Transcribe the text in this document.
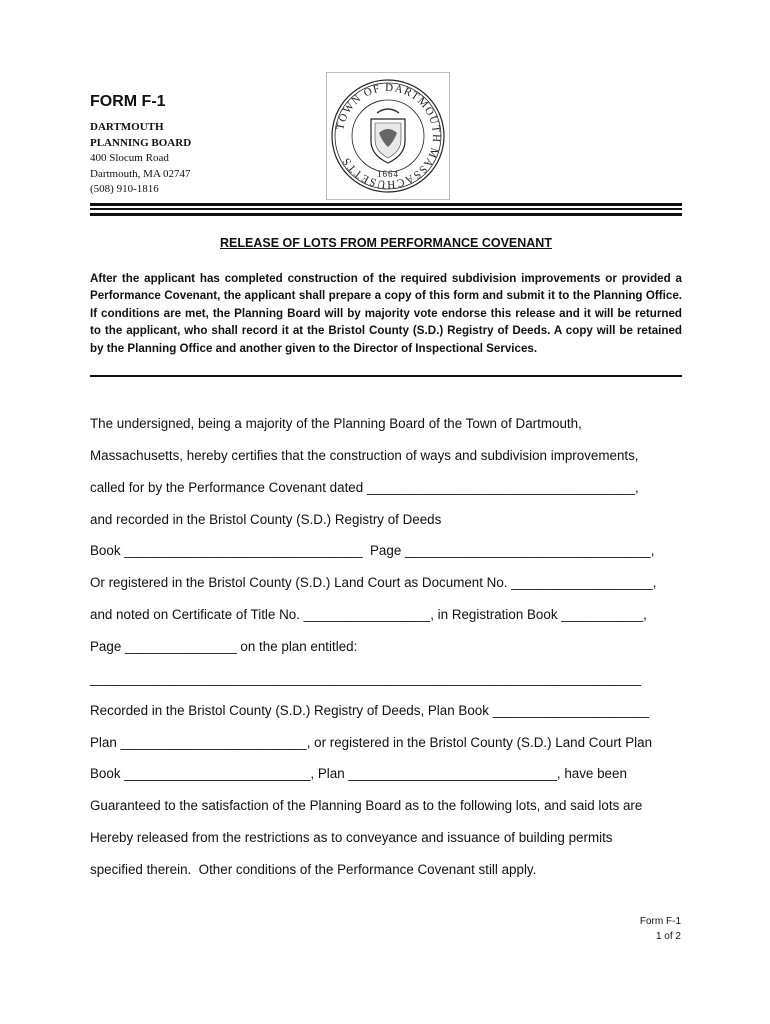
FORM F-1
DARTMOUTH
PLANNING BOARD
400 Slocum Road
Dartmouth, MA 02747
(508) 910-1816
TOWN OF DARTMOUTH MASSACHUSETTS
1664
RELEASE OF LOTS FROM PERFORMANCE COVENANT
After the applicant has completed construction of the required subdivision improvements or provided a Performance Covenant, the applicant shall prepare a copy of this form and submit it to the Planning Office. If conditions are met, the Planning Board will by majority vote endorse this release and it will be returned to the applicant, who shall record it at the Bristol County (S.D.) Registry of Deeds. A copy will be retained by the Planning Office and another given to the Director of Inspectional Services.
The undersigned, being a majority of the Planning Board of the Town of Dartmouth,
Massachusetts, hereby certifies that the construction of ways and subdivision improvements,
called for by the Performance Covenant dated ____________________________________,
and recorded in the Bristol County (S.D.) Registry of Deeds
Book ________________________________  Page _________________________________,
Or registered in the Bristol County (S.D.) Land Court as Document No. ___________________,
and noted on Certificate of Title No. _________________, in Registration Book ___________,
Page _______________ on the plan entitled:
__________________________________________________________________________
Recorded in the Bristol County (S.D.) Registry of Deeds, Plan Book _____________________
Plan _________________________, or registered in the Bristol County (S.D.) Land Court Plan
Book _________________________, Plan ____________________________, have been
Guaranteed to the satisfaction of the Planning Board as to the following lots, and said lots are
Hereby released from the restrictions as to conveyance and issuance of building permits
specified therein.  Other conditions of the Performance Covenant still apply.
Form F-1
1 of 2
